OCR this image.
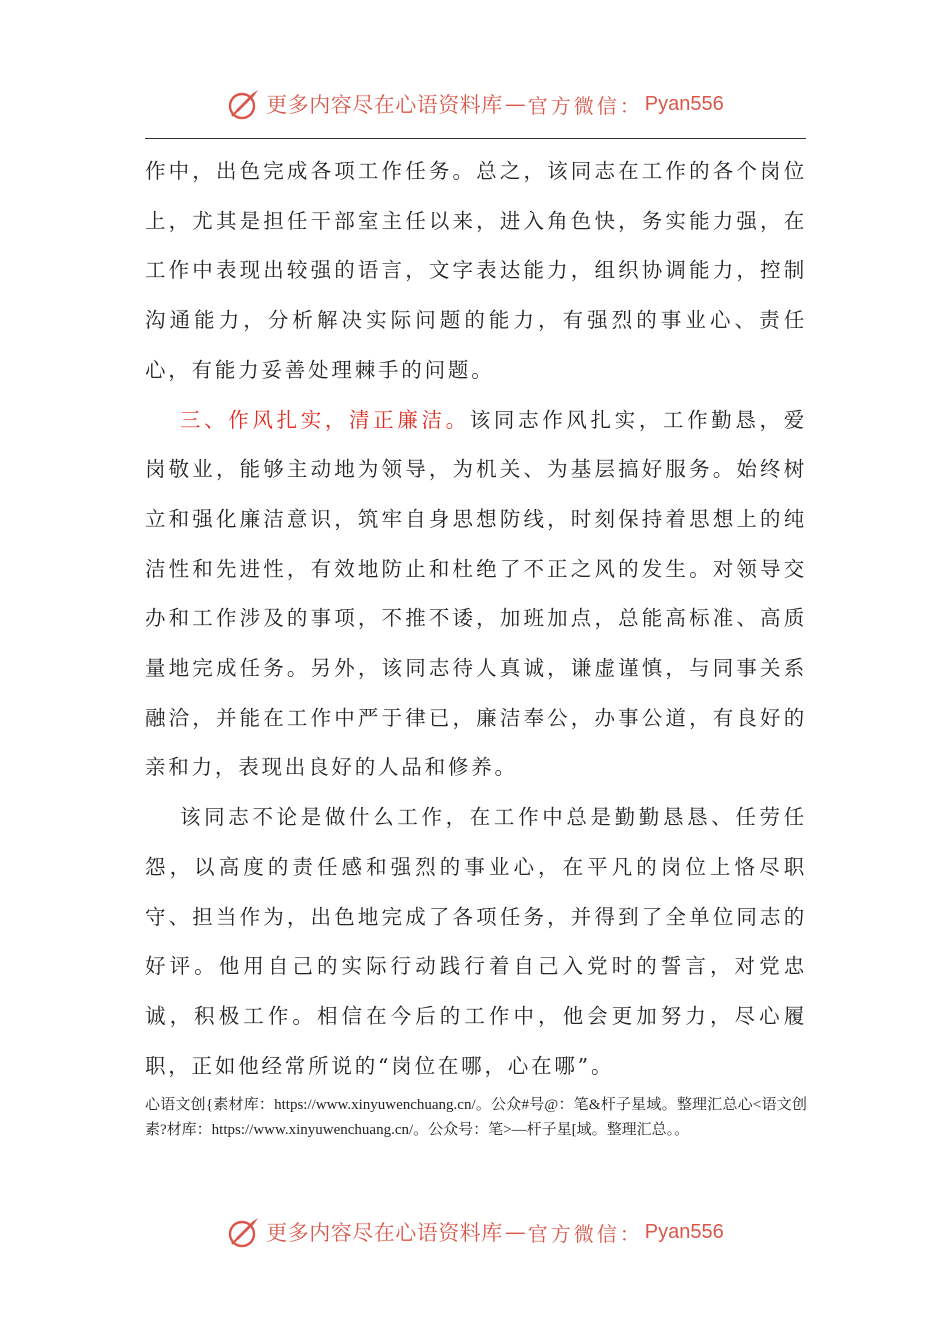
更多内容尽在心语资料库 — 官方微信： Pyan556

作中，出色完成各项工作任务。总之，该同志在工作的各个岗位上，尤其是担任干部室主任以来，进入角色快，务实能力强，在工作中表现出较强的语言，文字表达能力，组织协调能力，控制沟通能力，分析解决实际问题的能力，有强烈的事业心、责任心，有能力妥善处理棘手的问题。

三、作风扎实，清正廉洁。该同志作风扎实，工作勤恳，爱岗敬业，能够主动地为领导，为机关、为基层搞好服务。始终树立和强化廉洁意识，筑牢自身思想防线，时刻保持着思想上的纯洁性和先进性，有效地防止和杜绝了不正之风的发生。对领导交办和工作涉及的事项，不推不诿，加班加点，总能高标准、高质量地完成任务。另外，该同志待人真诚，谦虚谨慎，与同事关系融洽，并能在工作中严于律已，廉洁奉公，办事公道，有良好的亲和力，表现出良好的人品和修养。

该同志不论是做什么工作，在工作中总是勤勤恳恳、任劳任怨，以高度的责任感和强烈的事业心，在平凡的岗位上恪尽职守、担当作为，出色地完成了各项任务，并得到了全单位同志的好评。他用自己的实际行动践行着自己入党时的誓言，对党忠诚，积极工作。相信在今后的工作中，他会更加努力，尽心履职，正如他经常所说的“岗位在哪，心在哪”。

心语文创{素材库：https://www.xinyuwenchuang.cn/。公众#号@：笔&杆子星域。整理汇总心<语文创素?材库：https://www.xinyuwenchuang.cn/。公众号：笔>—杆子星[域。整理汇总。。

更多内容尽在心语资料库 — 官方微信： Pyan556
